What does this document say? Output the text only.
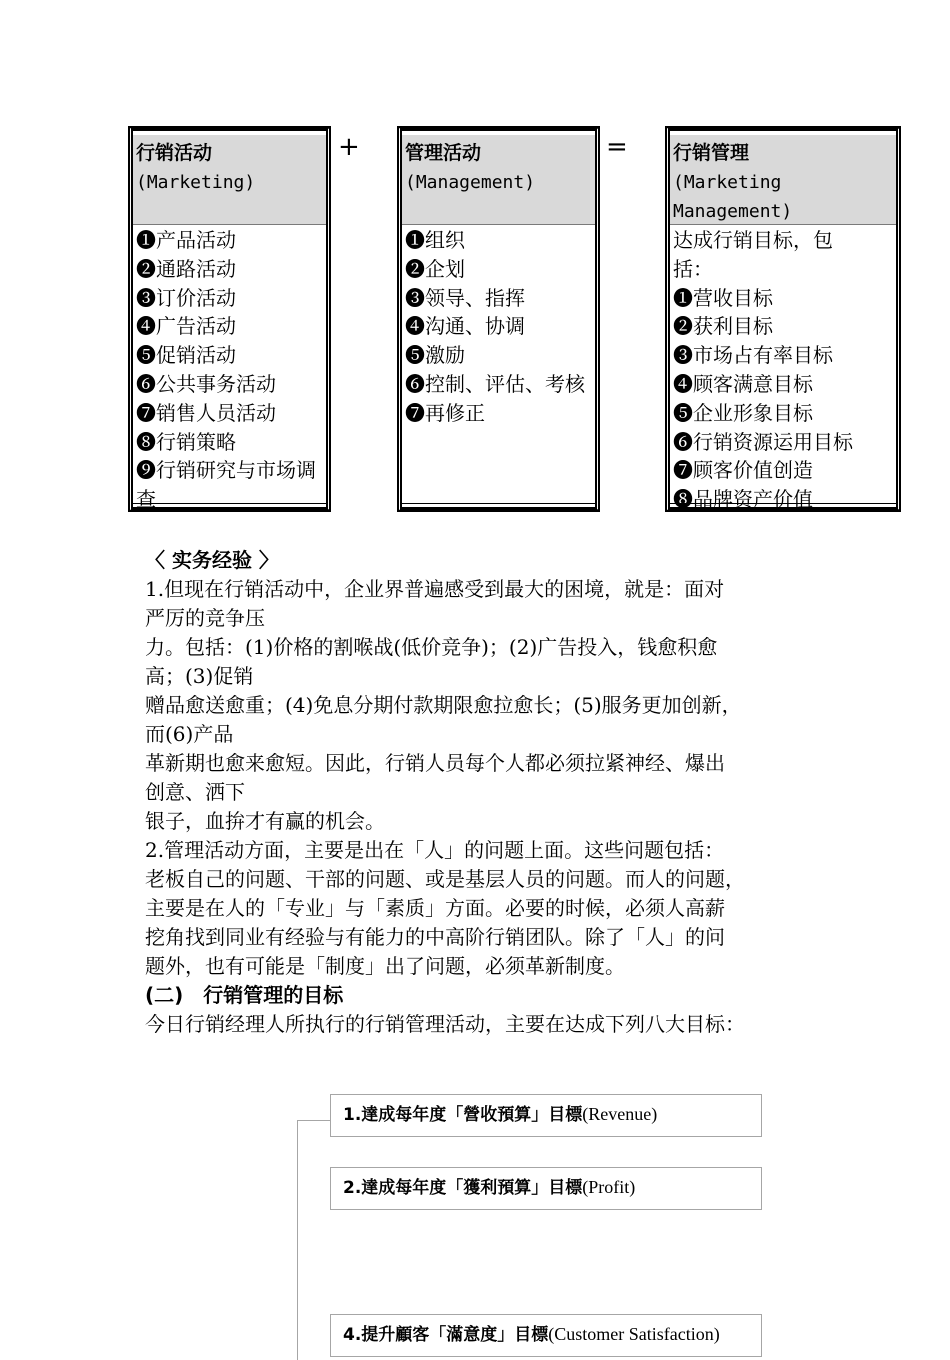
行销活动
(Marketing)
❶产品活动
❷通路活动
❸订价活动
❹广告活动
❺促销活动
❻公共事务活动
❼销售人员活动
❽行销策略
❾行销研究与市场调查
+ 管理活动
(Management)
❶组织
❷企划
❸领导、指挥
❹沟通、协调
❺激励
❻控制、评估、考核
❼再修正
= 行销管理
(Marketing Management)
达成行销目标，包括：
❶营收目标
❷获利目标
❸市场占有率目标
❹顾客满意目标
❺企业形象目标
❻行销资源运用目标
❼顾客价值创造
❽品牌资产价值

〈 实务经验 〉

1.但现在行销活动中，企业界普遍感受到最大的困境，就是：面对

严厉的竞争压

力。包括：(1)价格的割喉战(低价竞争)；(2)广告投入，钱愈积愈

高；(3)促销

赠品愈送愈重；(4)免息分期付款期限愈拉愈长；(5)服务更加创新，

而(6)产品

革新期也愈来愈短。因此，行销人员每个人都必须拉紧神经、爆出

创意、洒下

银子，血拚才有赢的机会。

2.管理活动方面，主要是出在「人」的问题上面。这些问题包括：

老板自己的问题、干部的问题、或是基层人员的问题。而人的问题，

主要是在人的「专业」与「素质」方面。必要的时候，必须人高薪

挖角找到同业有经验与有能力的中高阶行销团队。除了「人」的问

题外，也有可能是「制度」出了问题，必须革新制度。

(二)　行销管理的目标

今日行销经理人所执行的行销管理活动，主要在达成下列八大目标：

1.達成每年度「營收預算」目標(Revenue)
2.達成每年度「獲利預算」目標(Profit)
4.提升顧客「滿意度」目標(Customer Satisfaction)
